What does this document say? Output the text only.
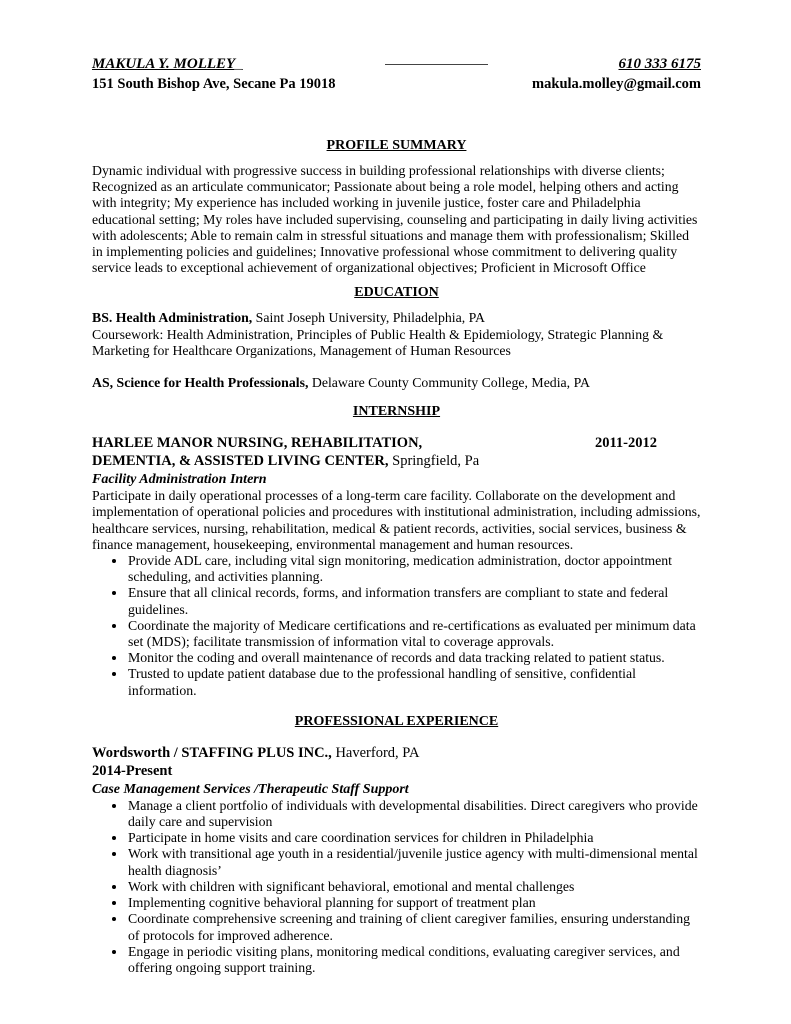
MAKULA Y. MOLLEY_	610 333 6175
151 South Bishop Ave, Secane Pa 19018	makula.molley@gmail.com
PROFILE SUMMARY

Dynamic individual with progressive success in building professional relationships with diverse clients; Recognized as an articulate communicator; Passionate about being a role model, helping others and acting with integrity; My experience has included working in juvenile justice, foster care and Philadelphia educational setting; My roles have included supervising, counseling and participating in daily living activities with adolescents; Able to remain calm in stressful situations and manage them with professionalism; Skilled in implementing policies and guidelines; Innovative professional whose commitment to delivering quality service leads to exceptional achievement of organizational objectives; Proficient in Microsoft Office

EDUCATION
BS. Health Administration, Saint Joseph University, Philadelphia, PA
Coursework: Health Administration, Principles of Public Health & Epidemiology, Strategic Planning & Marketing for Healthcare Organizations, Management of Human Resources
AS, Science for Health Professionals, Delaware County Community College, Media, PA
INTERNSHIP
HARLEE MANOR NURSING, REHABILITATION,	2011-2012
DEMENTIA, & ASSISTED LIVING CENTER, Springfield, Pa
Facility Administration Intern

Participate in daily operational processes of a long-term care facility. Collaborate on the development and implementation of operational policies and procedures with institutional administration, including admissions, healthcare services, nursing, rehabilitation, medical & patient records, activities, social services, business & finance management, housekeeping, environmental management and human resources.

• Provide ADL care, including vital sign monitoring, medication administration, doctor appointment scheduling, and activities planning.
• Ensure that all clinical records, forms, and information transfers are compliant to state and federal guidelines.
• Coordinate the majority of Medicare certifications and re-certifications as evaluated per minimum data set (MDS); facilitate transmission of information vital to coverage approvals.
• Monitor the coding and overall maintenance of records and data tracking related to patient status.
• Trusted to update patient database due to the professional handling of sensitive, confidential information.
PROFESSIONAL EXPERIENCE
Wordsworth / STAFFING PLUS INC., Haverford, PA
2014-Present
Case Management Services /Therapeutic Staff Support
• Manage a client portfolio of individuals with developmental disabilities. Direct caregivers who provide daily care and supervision
• Participate in home visits and care coordination services for children in Philadelphia
• Work with transitional age youth in a residential/juvenile justice agency with multi-dimensional mental health diagnosis’
• Work with children with significant behavioral, emotional and mental challenges
• Implementing cognitive behavioral planning for support of treatment plan
• Coordinate comprehensive screening and training of client caregiver families, ensuring understanding of protocols for improved adherence.
• Engage in periodic visiting plans, monitoring medical conditions, evaluating caregiver services, and offering ongoing support training.
